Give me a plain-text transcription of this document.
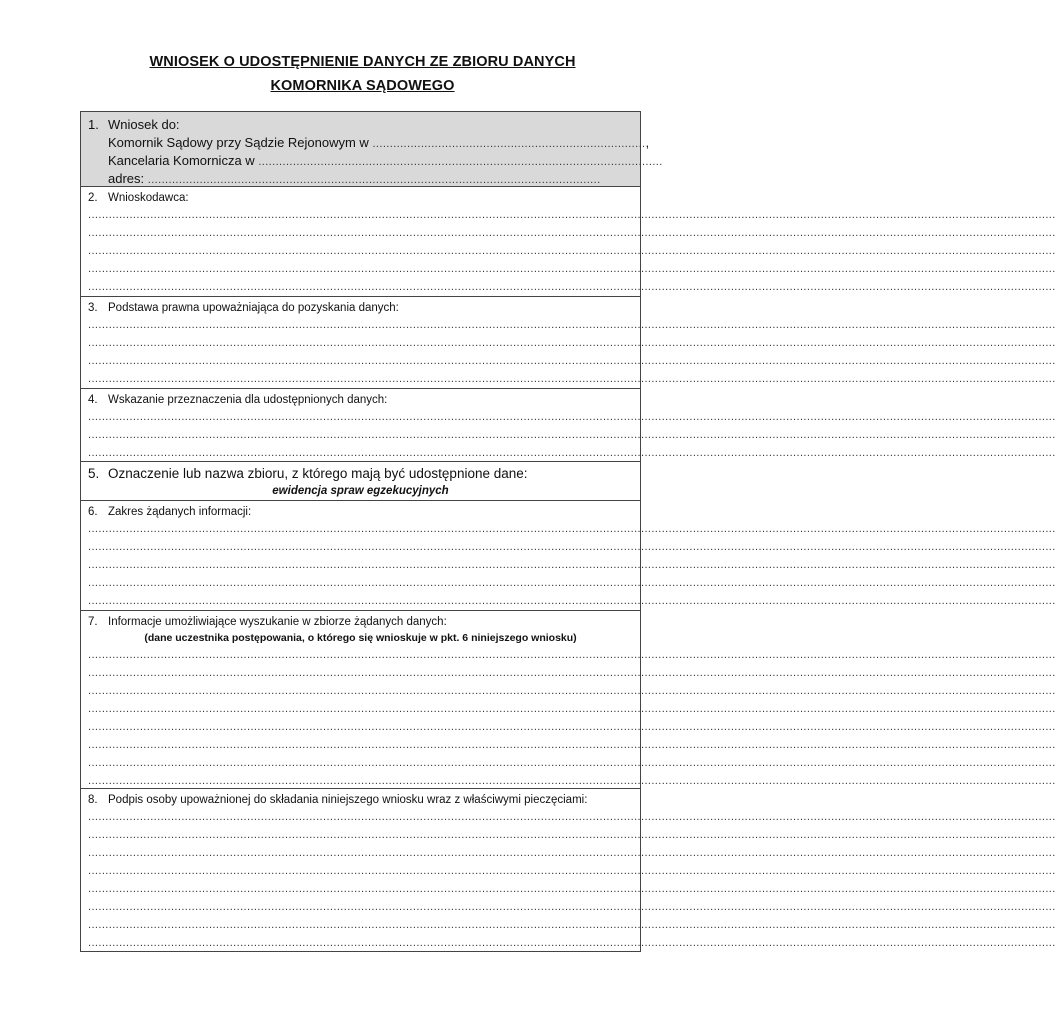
WNIOSEK O UDOSTĘPNIENIE DANYCH ZE ZBIORU DANYCH
KOMORNIKA SĄDOWEGO
1. Wniosek do:
Komornik Sądowy przy Sądzie Rejonowym w ...............................................................................,
Kancelaria Komornicza w .....................................................................................................................
adres: ...................................................................................................................................
2. Wnioskodawca:
.....
.....
.....
.....
.....
3. Podstawa prawna upoważniająca do pozyskania danych:
.....
.....
.....
.....
4. Wskazanie przeznaczenia dla udostępnionych danych:
.....
.....
.....
5. Oznaczenie lub nazwa zbioru, z którego mają być udostępnione dane:
ewidencja spraw egzekucyjnych
6. Zakres żądanych informacji:
.....
.....
.....
.....
.....
7. Informacje umożliwiające wyszukanie w zbiorze żądanych danych:
(dane uczestnika postępowania, o którego się wnioskuje w pkt. 6 niniejszego wniosku)
.....
.....
.....
.....
.....
.....
.....
.....
8. Podpis osoby upoważnionej do składania niniejszego wniosku wraz z właściwymi pieczęciami:
.....
.....
.....
.....
.....
.....
.....
.....
